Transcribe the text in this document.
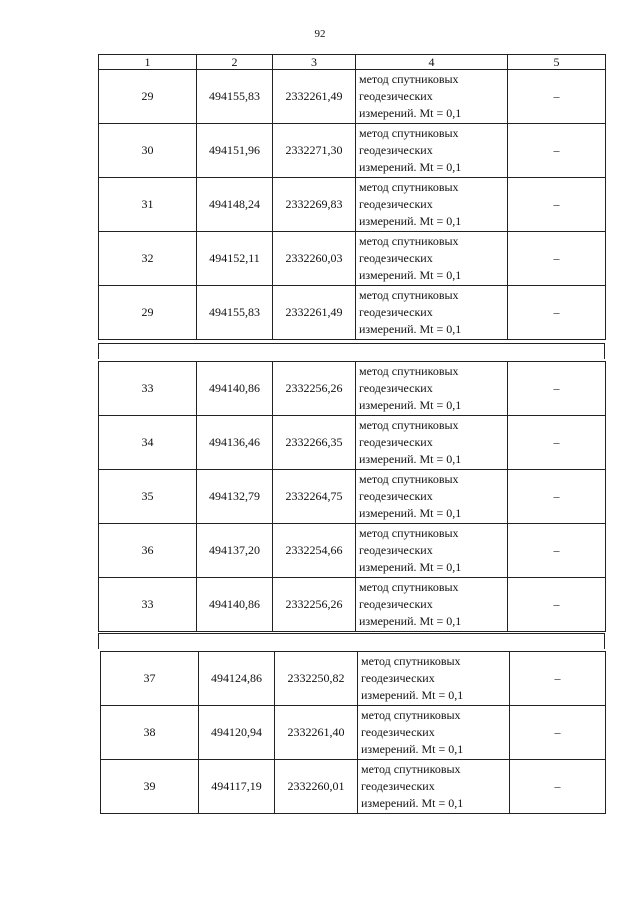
92
1	2	3	4	5
29	494155,83	2332261,49	метод спутниковых
геодезических
измерений. Mt = 0,1	–
30	494151,96	2332271,30	метод спутниковых
геодезических
измерений. Mt = 0,1	–
31	494148,24	2332269,83	метод спутниковых
геодезических
измерений. Mt = 0,1	–
32	494152,11	2332260,03	метод спутниковых
геодезических
измерений. Mt = 0,1	–
29	494155,83	2332261,49	метод спутниковых
геодезических
измерений. Mt = 0,1	–
33	494140,86	2332256,26	метод спутниковых
геодезических
измерений. Mt = 0,1	–
34	494136,46	2332266,35	метод спутниковых
геодезических
измерений. Mt = 0,1	–
35	494132,79	2332264,75	метод спутниковых
геодезических
измерений. Mt = 0,1	–
36	494137,20	2332254,66	метод спутниковых
геодезических
измерений. Mt = 0,1	–
33	494140,86	2332256,26	метод спутниковых
геодезических
измерений. Mt = 0,1	–
37	494124,86	2332250,82	метод спутниковых
геодезических
измерений. Mt = 0,1	–
38	494120,94	2332261,40	метод спутниковых
геодезических
измерений. Mt = 0,1	–
39	494117,19	2332260,01	метод спутниковых
геодезических
измерений. Mt = 0,1	–
